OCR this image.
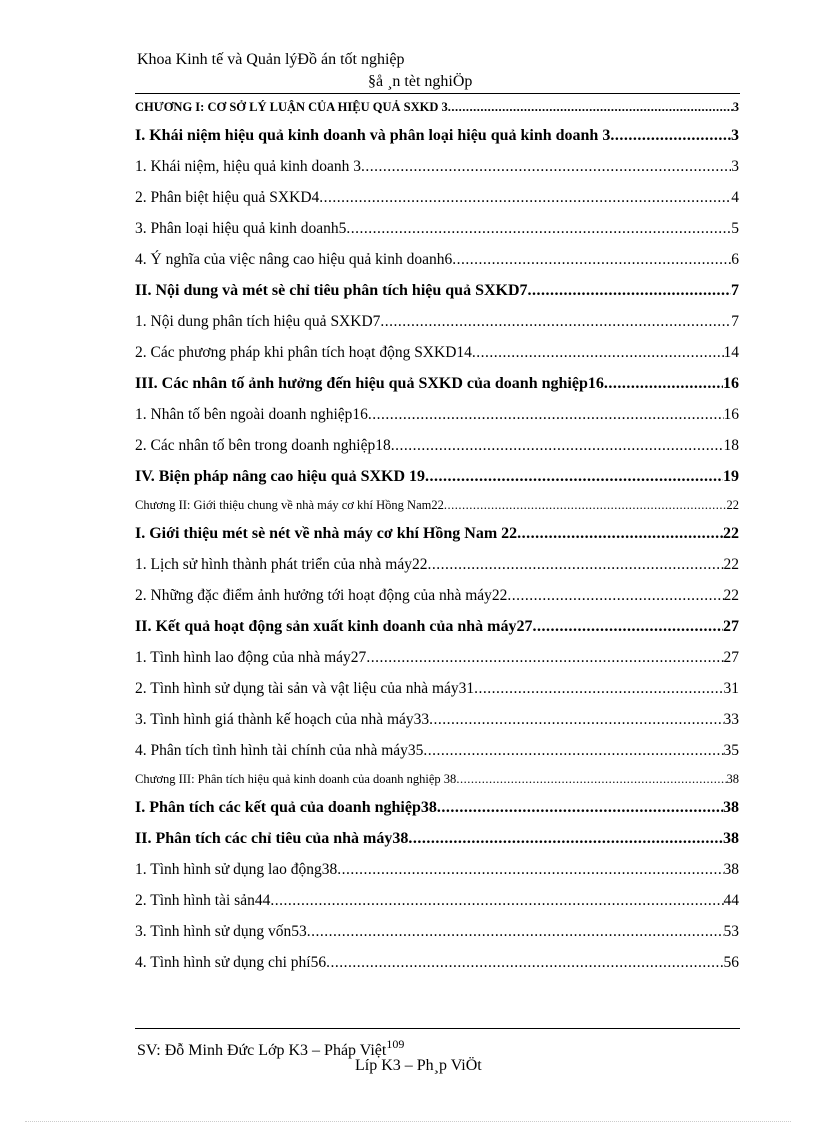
Khoa Kinh tế và Quản lýĐồ án tốt nghiệp
§å ¸n tèt nghiÖp
CHƯƠNG I: CƠ SỞ LÝ LUẬN CỦA HIỆU QUẢ SXKD 3 .....	3
I. Khái niệm hiệu quả kinh doanh và phân loại hiệu quả kinh doanh 3 .....	3
1. Khái niệm, hiệu quả kinh doanh 3 .....	3
2. Phân biệt hiệu quả SXKD4 .....	4
3. Phân loại hiệu quả kinh doanh5 .....	5
4. Ý nghĩa của việc nâng cao hiệu quả kinh doanh6 .....	6
II. Nội dung và mét sè chỉ tiêu phân tích hiệu quả SXKD7 .....	7
1. Nội dung phân tích hiệu quả SXKD7 .....	7
2. Các phương pháp khi phân tích hoạt động SXKD14 .....	14
III. Các nhân tố ảnh hưởng đến hiệu quả SXKD của doanh nghiệp16 .....	16
1. Nhân tố bên ngoài doanh nghiệp16 .....	16
2. Các nhân tố bên trong doanh nghiệp18 .....	18
IV. Biện pháp nâng cao hiệu quả SXKD 19 .....	19
Chương II: Giới thiệu chung về nhà máy cơ khí Hồng Nam22 .....	22
I. Giới thiệu mét sè nét về nhà máy cơ khí Hồng Nam 22 .....	22
1. Lịch sử hình thành phát triển của nhà máy22 .....	22
2. Những đặc điểm ảnh hưởng tới hoạt động của nhà máy22 .....	22
II. Kết quả hoạt động sản xuất kinh doanh của nhà máy27 .....	27
1. Tình hình lao động của nhà máy27 .....	27
2. Tình hình sử dụng tài sản và vật liệu của nhà máy31 .....	31
3. Tình hình giá thành kế hoạch của nhà máy33 .....	33
4. Phân tích tình hình tài chính của nhà máy35 .....	35
Chương III: Phân tích hiệu quả kinh doanh của doanh nghiệp 38 .....	38
I. Phân tích các kết quả của doanh nghiệp38 .....	38
II. Phân tích các chỉ tiêu của nhà máy38 .....	38
1. Tình hình sử dụng lao động38 .....	38
2. Tình hình tài sản44 .....	44
3. Tình hình sử dụng vốn53 .....	53
4. Tình hình sử dụng chi phí56 .....	56
SV: Đỗ Minh Đức Lớp K3 – Pháp Việt$^{109}$
Líp K3 – Ph¸p ViÖt
